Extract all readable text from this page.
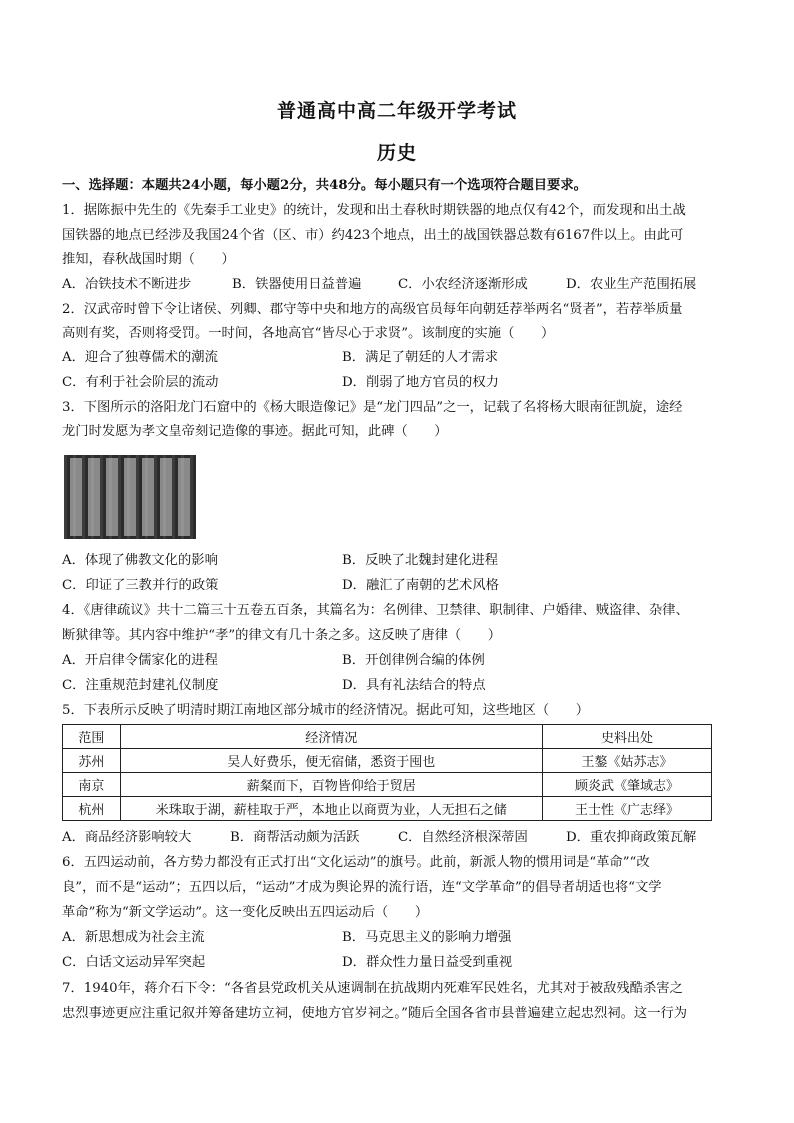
普通高中高二年级开学考试
历史
一、选择题：本题共24小题，每小题2分，共48分。每小题只有一个选项符合题目要求。
1．据陈振中先生的《先秦手工业史》的统计，发现和出土春秋时期铁器的地点仅有42个，而发现和出土战
国铁器的地点已经涉及我国24个省（区、市）约423个地点，出土的战国铁器总数有6167件以上。由此可
推知，春秋战国时期（　　）
A．冶铁技术不断进步	B．铁器使用日益普遍	C．小农经济逐渐形成	D．农业生产范围拓展
2．汉武帝时曾下令让诸侯、列卿、郡守等中央和地方的高级官员每年向朝廷荐举两名“贤者”，若荐举质量
高则有奖，否则将受罚。一时间，各地高官“皆尽心于求贤”。该制度的实施（　　）
A．迎合了独尊儒术的潮流	B．满足了朝廷的人才需求
C．有利于社会阶层的流动	D．削弱了地方官员的权力
3．下图所示的洛阳龙门石窟中的《杨大眼造像记》是“龙门四品”之一，记载了名将杨大眼南征凯旋，途经
龙门时发愿为孝文皇帝刻记造像的事迹。据此可知，此碑（　　）
A．体现了佛教文化的影响	B．反映了北魏封建化进程
C．印证了三教并行的政策	D．融汇了南朝的艺术风格
4．《唐律疏议》共十二篇三十五卷五百条，其篇名为：名例律、卫禁律、职制律、户婚律、贼盗律、杂律、
断狱律等。其内容中维护“孝”的律文有几十条之多。这反映了唐律（　　）
A．开启律令儒家化的进程	B．开创律例合编的体例
C．注重规范封建礼仪制度	D．具有礼法结合的特点
5．下表所示反映了明清时期江南地区部分城市的经济情况。据此可知，这些地区（　　）
范围	经济情况	史料出处
苏州	吴人好费乐，便无宿储，悉资于囤也	王鏊《姑苏志》
南京	薪粲而下，百物皆仰给于贸居	顾炎武《肇域志》
杭州	米珠取于湖，薪桂取于严，本地止以商贾为业，人无担石之储	王士性《广志绎》
A．商品经济影响较大	B．商帮活动颇为活跃	C．自然经济根深蒂固	D．重农抑商政策瓦解
6．五四运动前，各方势力都没有正式打出“文化运动”的旗号。此前，新派人物的惯用词是“革命”“改
良”，而不是“运动”；五四以后，“运动”才成为舆论界的流行语，连“文学革命”的倡导者胡适也将“文学
革命”称为“新文学运动”。这一变化反映出五四运动后（　　）
A．新思想成为社会主流	B．马克思主义的影响力增强
C．白话文运动异军突起	D．群众性力量日益受到重视
7．1940年，蒋介石下令：“各省县党政机关从速调制在抗战期内死难军民姓名，尤其对于被敌残酷杀害之
忠烈事迹更应注重记叙并筹备建坊立祠，使地方官岁祠之。”随后全国各省市县普遍建立起忠烈祠。这一行为
